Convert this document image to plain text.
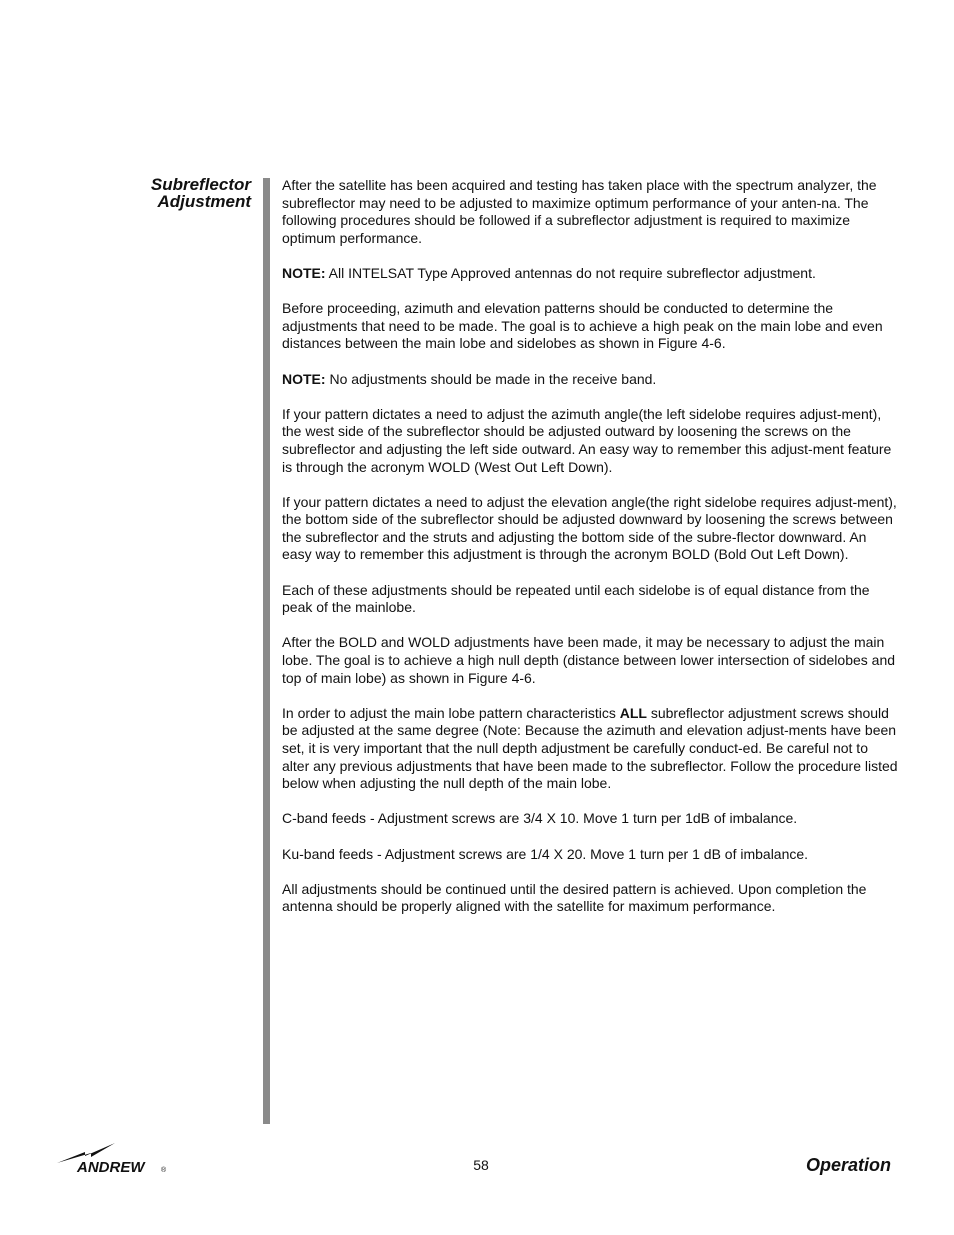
Subreflector
Adjustment

After the satellite has been acquired and testing has taken place with the spectrum analyzer, the subreflector may need to be adjusted to maximize optimum performance of your anten-na. The following procedures should be followed if a subreflector adjustment is required to maximize optimum performance.

NOTE: All INTELSAT Type Approved antennas do not require subreflector adjustment.

Before proceeding, azimuth and elevation patterns should be conducted to determine the adjustments that need to be made. The goal is to achieve a high peak on the main lobe and even distances between the main lobe and sidelobes as shown in Figure 4-6.

NOTE: No adjustments should be made in the receive band.

If your pattern dictates a need to adjust the azimuth angle(the left sidelobe requires adjust-ment), the west side of the subreflector should be adjusted outward by loosening the screws on the subreflector and adjusting the left side outward. An easy way to remember this adjust-ment feature is through the acronym WOLD (West Out Left Down).

If your pattern dictates a need to adjust the elevation angle(the right sidelobe requires adjust-ment), the bottom side of the subreflector should be adjusted downward by loosening the screws between the subreflector and the struts and adjusting the bottom side of the subre-flector downward. An easy way to remember this adjustment is through the acronym BOLD (Bold Out Left Down).

Each of these adjustments should be repeated until each sidelobe is of equal distance from the peak of the mainlobe.

After the BOLD and WOLD adjustments have been made, it may be necessary to adjust the main lobe. The goal is to achieve a high null depth (distance between lower intersection of sidelobes and top of main lobe) as shown in Figure 4-6.

In order to adjust the main lobe pattern characteristics ALL subreflector adjustment screws should be adjusted at the same degree (Note: Because the azimuth and elevation adjust-ments have been set, it is very important that the null depth adjustment be carefully conduct-ed. Be careful not to alter any previous adjustments that have been made to the subreflector. Follow the procedure listed below when adjusting the null depth of the main lobe.

C-band feeds - Adjustment screws are 3/4 X 10. Move 1 turn per 1dB of imbalance.

Ku-band feeds - Adjustment screws are 1/4 X 20. Move 1 turn per 1 dB of imbalance.

All adjustments should be continued until the desired pattern is achieved. Upon completion the antenna should be properly aligned with the satellite for maximum performance.

ANDREW ®	58	Operation
